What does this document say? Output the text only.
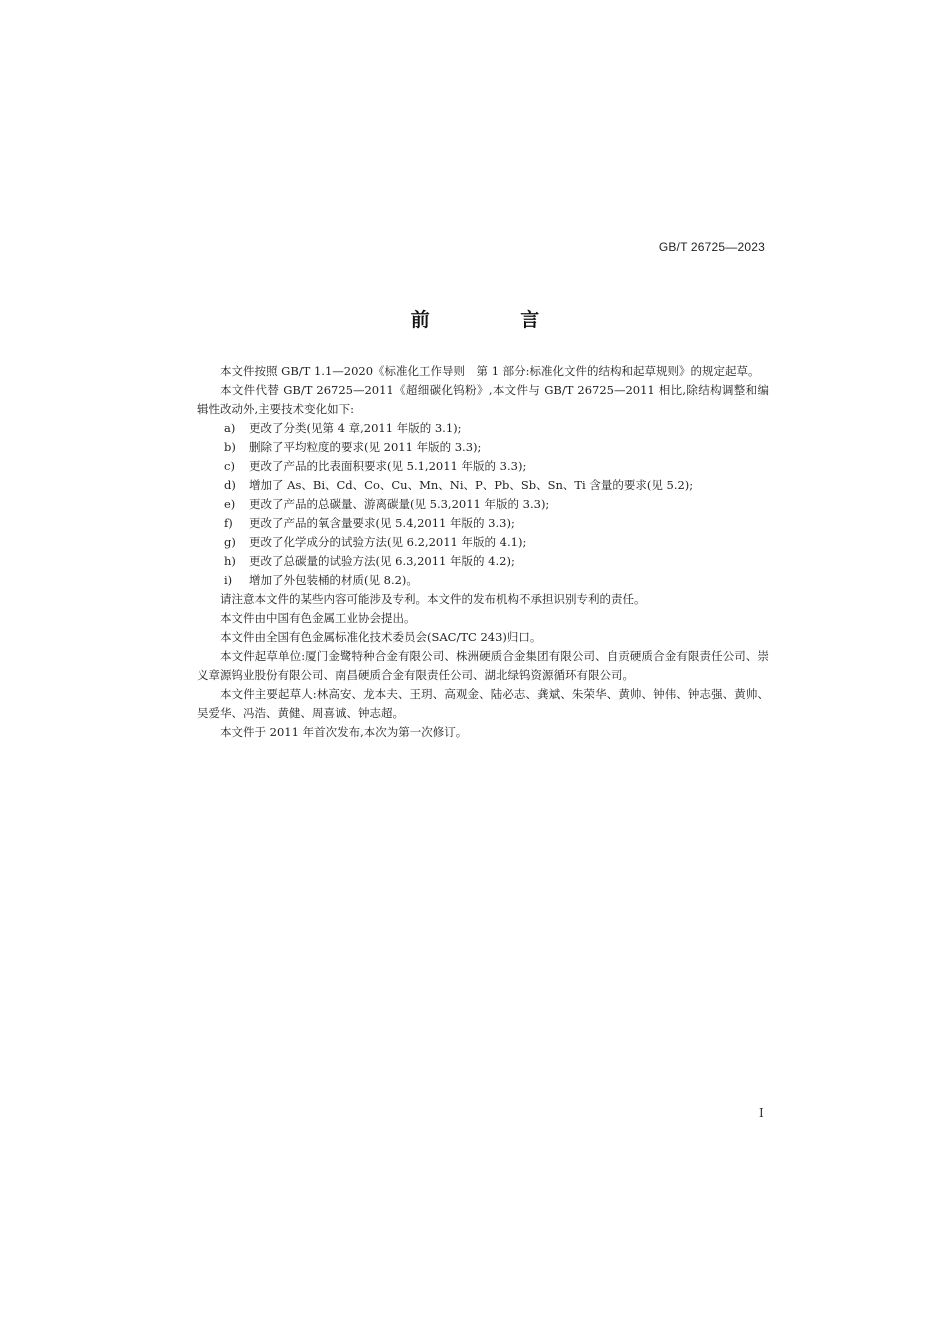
GB/T 26725—2023
前 言

本文件按照 GB/T 1.1—2020《标准化工作导则　第 1 部分:标准化文件的结构和起草规则》的规定起草。

本文件代替 GB/T 26725—2011《超细碳化钨粉》,本文件与 GB/T 26725—2011 相比,除结构调整和编辑性改动外,主要技术变化如下:

a)	更改了分类(见第 4 章,2011 年版的 3.1);
b)	删除了平均粒度的要求(见 2011 年版的 3.3);
c)	更改了产品的比表面积要求(见 5.1,2011 年版的 3.3);
d)	增加了 As、Bi、Cd、Co、Cu、Mn、Ni、P、Pb、Sb、Sn、Ti 含量的要求(见 5.2);
e)	更改了产品的总碳量、游离碳量(见 5.3,2011 年版的 3.3);
f)	更改了产品的氧含量要求(见 5.4,2011 年版的 3.3);
g)	更改了化学成分的试验方法(见 6.2,2011 年版的 4.1);
h)	更改了总碳量的试验方法(见 6.3,2011 年版的 4.2);
i)	增加了外包装桶的材质(见 8.2)。

请注意本文件的某些内容可能涉及专利。本文件的发布机构不承担识别专利的责任。

本文件由中国有色金属工业协会提出。

本文件由全国有色金属标准化技术委员会(SAC/TC 243)归口。

本文件起草单位:厦门金鹭特种合金有限公司、株洲硬质合金集团有限公司、自贡硬质合金有限责任公司、崇义章源钨业股份有限公司、南昌硬质合金有限责任公司、湖北绿钨资源循环有限公司。

本文件主要起草人:林高安、龙本夫、王玥、高观金、陆必志、龚斌、朱荣华、黄帅、钟伟、钟志强、黄帅、吴爱华、冯浩、黄健、周喜诚、钟志超。

本文件于 2011 年首次发布,本次为第一次修订。

I
